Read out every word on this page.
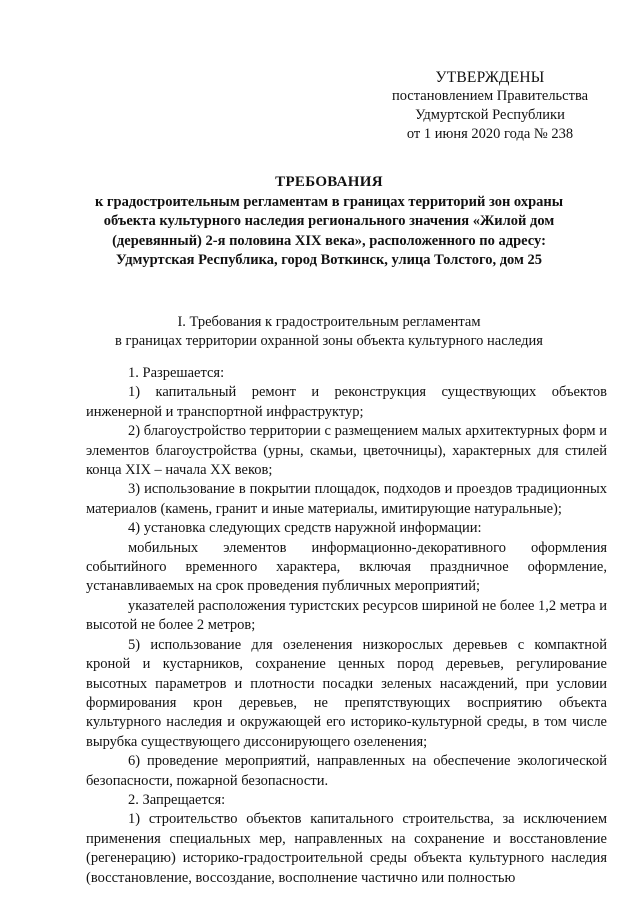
УТВЕРЖДЕНЫ
постановлением Правительства
Удмуртской Республики
от 1 июня 2020 года № 238
ТРЕБОВАНИЯ
к градостроительным регламентам в границах территорий зон охраны объекта культурного наследия регионального значения «Жилой дом (деревянный) 2-я половина XIX века», расположенного по адресу: Удмуртская Республика, город Воткинск, улица Толстого, дом 25
I. Требования к градостроительным регламентам
в границах территории охранной зоны объекта культурного наследия

1. Разрешается:

1) капитальный ремонт и реконструкция существующих объектов инженерной и транспортной инфраструктур;

2) благоустройство территории с размещением малых архитектурных форм и элементов благоустройства (урны, скамьи, цветочницы), характерных для стилей конца XIX – начала XX веков;

3) использование в покрытии площадок, подходов и проездов традиционных материалов (камень, гранит и иные материалы, имитирующие натуральные);

4) установка следующих средств наружной информации:

мобильных элементов информационно-декоративного оформления событийного временного характера, включая праздничное оформление, устанавливаемых на срок проведения публичных мероприятий;

указателей расположения туристских ресурсов шириной не более 1,2 метра и высотой не более 2 метров;

5) использование для озеленения низкорослых деревьев с компактной кроной и кустарников, сохранение ценных пород деревьев, регулирование высотных параметров и плотности посадки зеленых насаждений, при условии формирования крон деревьев, не препятствующих восприятию объекта культурного наследия и окружающей его историко-культурной среды, в том числе вырубка существующего диссонирующего озеленения;

6) проведение мероприятий, направленных на обеспечение экологической безопасности, пожарной безопасности.

2. Запрещается:

1) строительство объектов капитального строительства, за исключением применения специальных мер, направленных на сохранение и восстановление (регенерацию) историко-градостроительной среды объекта культурного наследия (восстановление, воссоздание, восполнение частично или полностью
